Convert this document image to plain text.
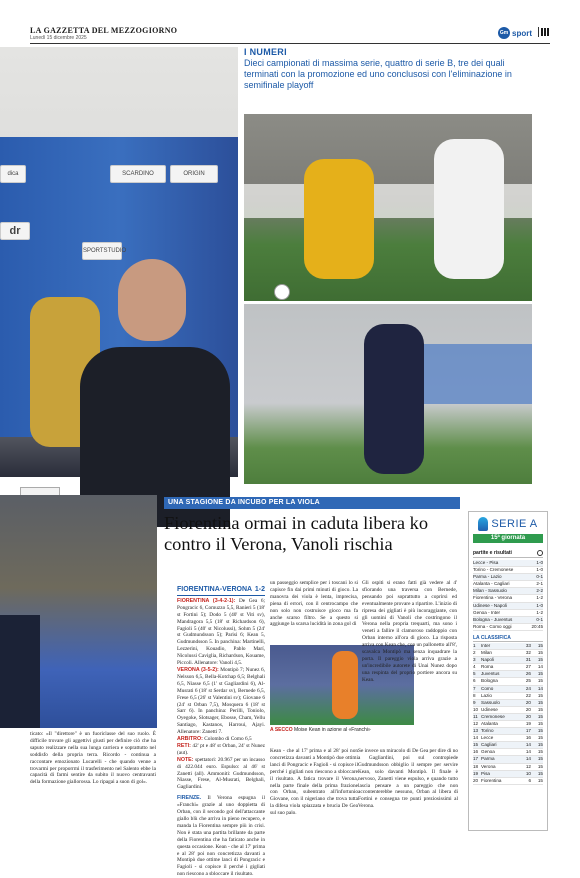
LA GAZZETTA DEL MEZZOGIORNO
Lunedì 15 dicembre 2025
Gm sport
dica	SCARDINO	ORIGIN
dr
SPORTSTUDIO
I NUMERI
Dieci campionati di massima serie, quattro di serie B, tre dei quali terminati con la promozione ed uno conclusosi con l'eliminazione in semifinale playoff
UNA STAGIONE DA INCUBO PER LA VIOLA
Fiorentina ormai in caduta libera ko contro il Verona, Vanoli rischia

ticato: «Il "direttore" è un fuoriclasse del suo ruolo. È difficile trovare gli aggettivi giusti per definire ciò che ha saputo realizzare nella sua lunga carriera e soprattutto nel soddisfo della propria terra. Ricordo - continua a raccontare emozionato Lucarelli - che quando venne a trovarmi per proporrmi il trasferimento nel Salento ebbe la capacità di farmi sentire da subito il nuovo centravanti della formazione giallorossa. Lo ripagai a suon di gol».

FIORENTINA-VERONA 1-2

FIORENTINA (3-4-2-1): De Gea 6; Pongracic 6, Comuzzo 5,5, Ranieri 5 (18' st Fortini 5); Dodo 5 (40' st Viti sv), Mandragora 5,5 (18' st Richardson 6), Fagioli 5 (40' st Nicolussi), Sohm 5 (24' st Gudmundsson 5); Parisi 6; Kean 5, Gudmundsson 5. In panchina: Martinelli, Lezzerini, Kouadio, Pablo Marí, Nicolussi Caviglia, Richardson, Kouame, Piccoli. Allenatore: Vanoli 4,5.

VERONA (3-5-2): Montipò 7; Nunez 6, Nelsson 6,5, Bella-Kotchap 6,5; Belghali 6,5, Niasse 6,5 (1' st Gagliardini 6), Al-Musrati 6 (18' st Serdar sv), Bernede 6,5, Frese 6,5 (26' st Valentini sv); Giovane 6 (24' st Orban 7,5), Mosquera 6 (18' st Sarr 6). In panchina: Perilli, Toniolo, Oyegoke, Slotsager, Ebosse, Cham, Yellu Santiago, Kastanos, Harroui, Ajayi. Allenatore: Zanetti 7.

ARBITRO: Colombo di Como 6,5

RETI: 42' pt e 48' st Orban, 24' st Nunez (aut).

NOTE: spettatori: 20.967 per un incasso di 422.044 euro. Espulso: al 46' st Zanetti (all). Ammoniti: Gudmundsson, Niasse, Frese, Al-Musrati, Belghali, Gagliardini.

FIRENZE. Il Verona espugna il «Franchi» grazie al uno doppietta di Orban, con il secondo gol dell'attaccante giallo blù che arriva in pieno recupero, e manda la Fiorentina sempre più in crisi. Non è stata una partita brillante da parte della Fiorentina che ha faticato anche in questa occasione. Kean - che al 17' prima e al 28' poi non concretizza davanti a Montipò due ottime lanci di Pongracic e Fagioli - si copisce il perché i gigliati non riescono a sbloccare il risultato.

un passeggio semplice per i toscani lo si capisce fin dai primi minuti di gioco. La manovra dei viola è lenta, imprecisa, piena di errori, con il centrocampo che non solo non costruisce gioco ma fa anche scarso filtro. Se a questo si aggiunge la scarsa lucidità in zona gol di

A SECCO Moise Kean in azione al «Franchi»

Kean - che al 17' prima e al 28' poi non concretizza davanti a Montipò due ottimi lanci di Pongracic e Fagioli - si copisce il perché i gigliati non riescono a sbloccare il risultato. A fatica trovare il Verona, nella parte finale della prima frazione con Orban, subentrato all'infortunio Giovane, con il nigeriano che trova tutta la difesa viola spiazzata e brucia De Gea sul suo palo.

Gli ospiti si erano fatti già vedere al 4' sfiorando una traversa con Bernede, pensando poi soprattutto a coprirsi ed eventualmente provare a ripartire. L'inizio di ripresa dei gigliati è più incoraggiante, con gli uomini di Vanoli che costringono il Verona nella propria trequarti, ma sono i veneti a fallire il clamoroso raddoppio con Orban interno all'ora di gioco. La risposta arriva con Kean che, con un pallonetto all'8', scavalca Montipò ma senza inquadrare la porta. Il pareggio viola arriva grazie a un'incredibile autorete di Unai Nunez dopo una respinta del proprio portiere ancora su Kean.

Se invece un miracolo di De Gea per dire di no a Gagliardini, poi sul contropiede Gudmundsson obbiglio il sempre per servire Kean, solo davanti Montipò. Il finale è nervoso, Zanetti viene espulso, e quando tutto lascia pensare a un pareggio che non accontenterebbe nessuno, Orban al libera di Fortini e consegna tre punti preziosissimi al Verona.

SERIE A
15ª giornata
partite e risultati
Lecce - Pisa	1-0
Torino - Cremonese	1-0
Parma - Lazio	0-1
Atalanta - Cagliari	2-1
Milan - Sassuolo	2-2
Fiorentina - Verona	1-2
Udinese - Napoli	1-0
Genoa - Inter	1-2
Bologna - Juventus	0-1
Roma - Como oggi	20:45
LA CLASSIFICA
1	Inter	33	15
2	Milan	32	15
3	Napoli	31	15
4	Roma	27	14
5	Juventus	26	15
6	Bologna	25	15
7	Como	24	14
8	Lazio	22	15
9	Sassuolo	20	15
10 Udinese	20	15
11 Cremonese	20	15
12 Atalanta	19	15
13 Torino	17	15
14 Lecce	16	15
15 Cagliari	14	15
16 Genoa	14	15
17 Parma	14	15
18 Verona	12	15
19 Pisa	10	15
20 Fiorentina	6	15
